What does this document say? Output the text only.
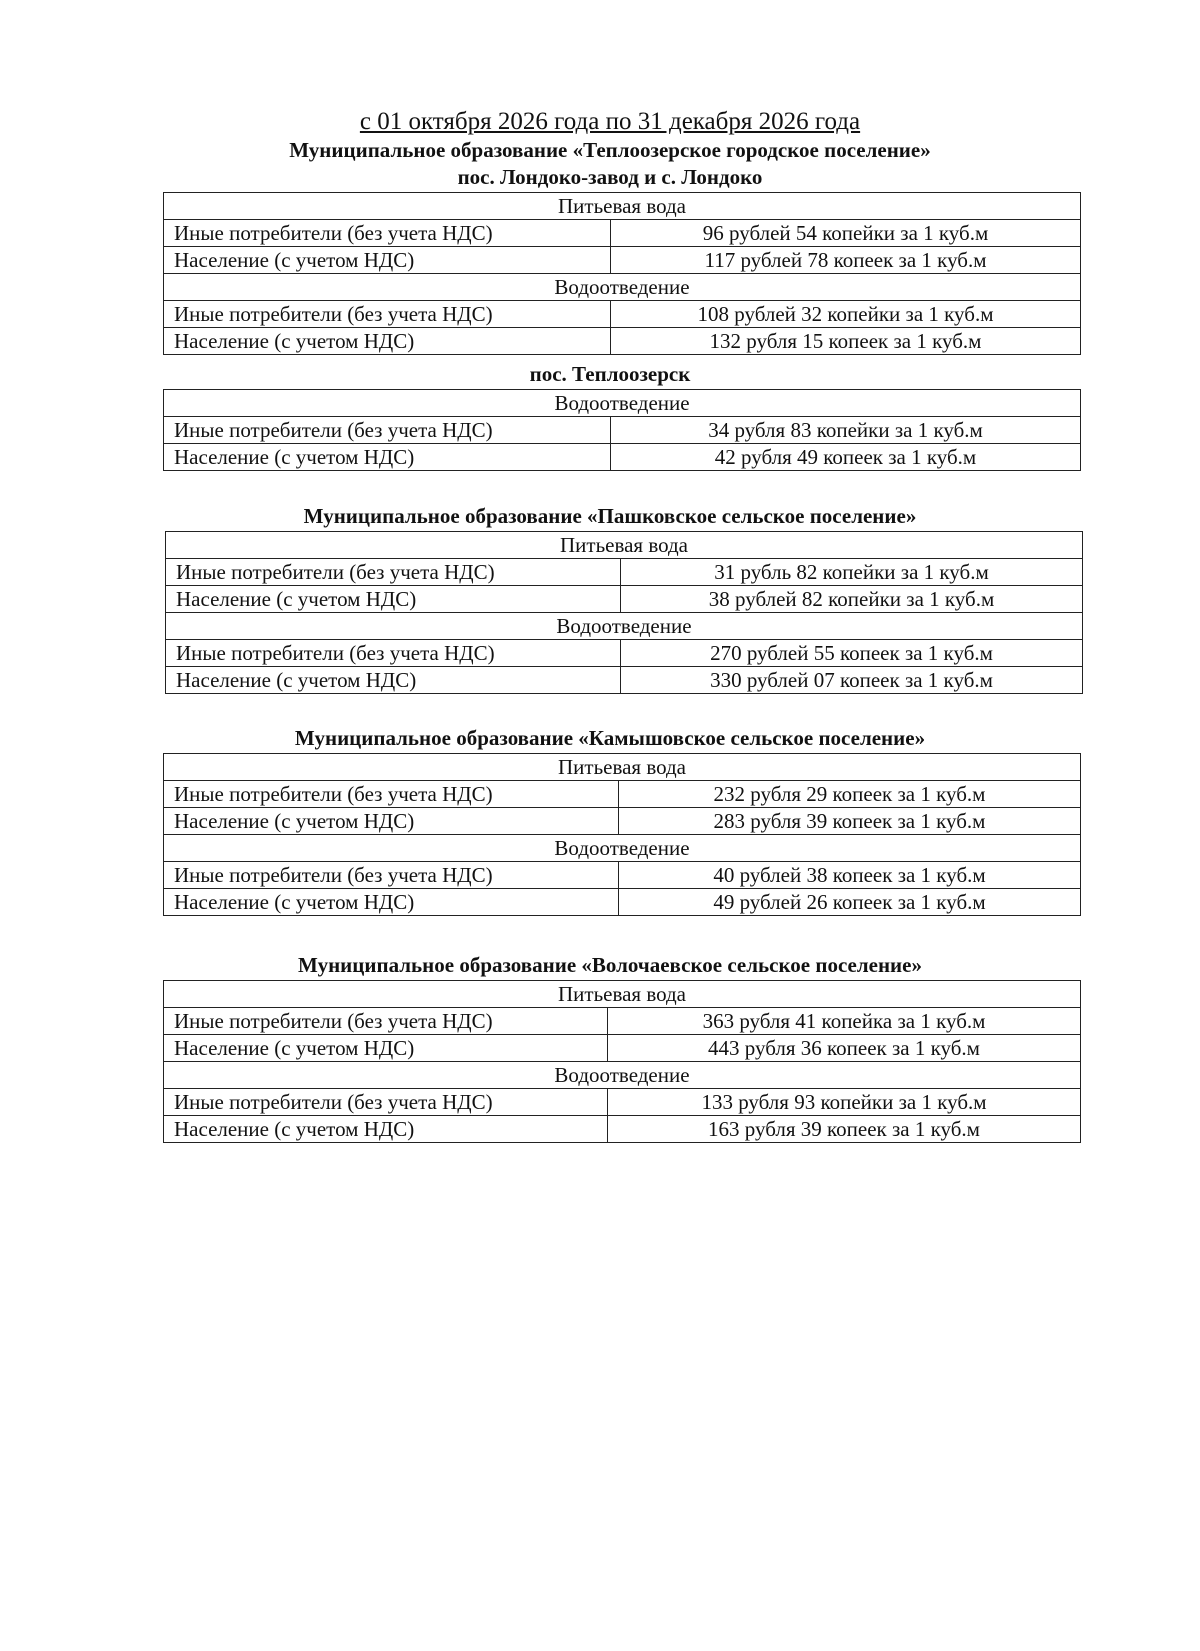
с 01 октября 2026 года по 31 декабря 2026 года
Муниципальное образование «Теплоозерское городское поселение»
пос. Лондоко-завод и с. Лондоко
Питьевая вода	
Иные потребители (без учета НДС)	96 рублей 54 копейки за 1 куб.м
Население (с учетом НДС)	117 рублей 78 копеек за 1 куб.м
Водоотведение	
Иные потребители (без учета НДС)	108 рублей 32 копейки за 1 куб.м
Население (с учетом НДС)	132 рубля 15 копеек за 1 куб.м
пос. Теплоозерск
Водоотведение	
Иные потребители (без учета НДС)	34 рубля 83 копейки за 1 куб.м
Население (с учетом НДС)	42 рубля 49 копеек за 1 куб.м
Муниципальное образование «Пашковское сельское поселение»
Питьевая вода	
Иные потребители (без учета НДС)	31 рубль 82 копейки за 1 куб.м
Население (с учетом НДС)	38 рублей 82 копейки за 1 куб.м
Водоотведение	
Иные потребители (без учета НДС)	270 рублей 55 копеек за 1 куб.м
Население (с учетом НДС)	330 рублей 07 копеек за 1 куб.м
Муниципальное образование «Камышовское сельское поселение»
Питьевая вода	
Иные потребители (без учета НДС)	232 рубля 29 копеек за 1 куб.м
Население (с учетом НДС)	283 рубля 39 копеек за 1 куб.м
Водоотведение	
Иные потребители (без учета НДС)	40 рублей 38 копеек за 1 куб.м
Население (с учетом НДС)	49 рублей 26 копеек за 1 куб.м
Муниципальное образование «Волочаевское сельское поселение»
Питьевая вода	
Иные потребители (без учета НДС)	363 рубля 41 копейка за 1 куб.м
Население (с учетом НДС)	443 рубля 36 копеек за 1 куб.м
Водоотведение	
Иные потребители (без учета НДС)	133 рубля 93 копейки за 1 куб.м
Население (с учетом НДС)	163 рубля 39 копеек за 1 куб.м
